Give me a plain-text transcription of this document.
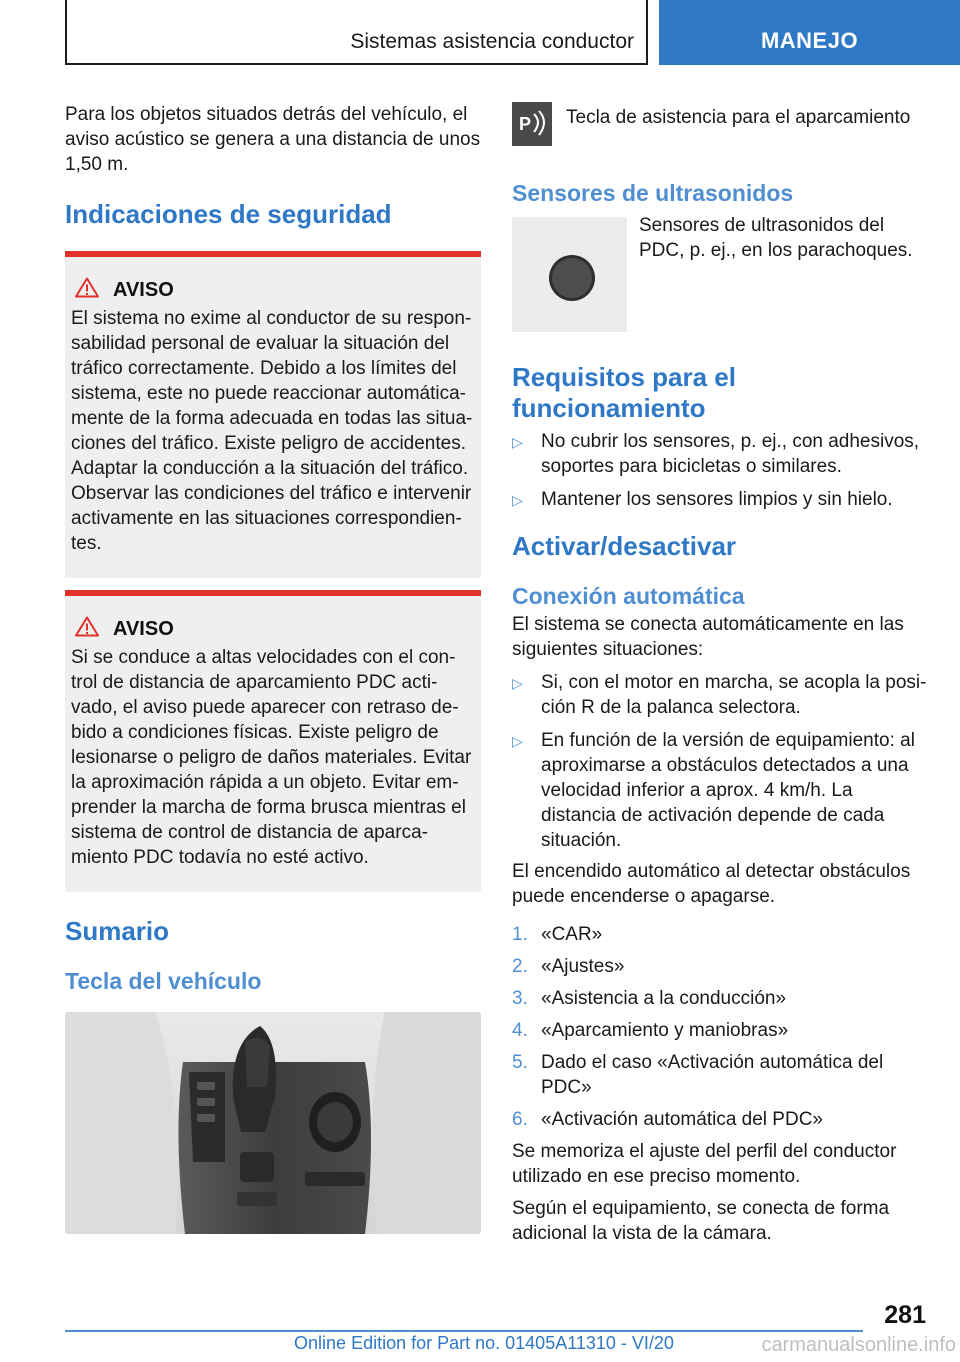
Sistemas asistencia conductor	MANEJO

Para los objetos situados detrás del vehículo, el aviso acústico se genera a una distancia de unos 1,50 m.

Indicaciones de seguridad
AVISO

El sistema no exime al conductor de su responsabilidad personal de evaluar la situación del tráfico correctamente. Debido a los límites del sistema, este no puede reaccionar automáticamente de la forma adecuada en todas las situaciones del tráfico. Existe peligro de accidentes. Adaptar la conducción a la situación del tráfico. Observar las condiciones del tráfico e intervenir activamente en las situaciones correspondientes.

AVISO

Si se conduce a altas velocidades con el control de distancia de aparcamiento PDC activado, el aviso puede aparecer con retraso debido a condiciones físicas. Existe peligro de lesionarse o peligro de daños materiales. Evitar la aproximación rápida a un objeto. Evitar emprender la marcha de forma brusca mientras el sistema de control de distancia de aparcamiento PDC todavía no esté activo.

Sumario
Tecla del vehículo
P Tecla de asistencia para el aparcamiento

Sensores de ultrasonidos

Sensores de ultrasonidos del PDC, p. ej., en los parachoques.

Requisitos para el funcionamiento
▷ No cubrir los sensores, p. ej., con adhesivos, soportes para bicicletas o similares.
▷ Mantener los sensores limpios y sin hielo.
Activar/desactivar
Conexión automática

El sistema se conecta automáticamente en las siguientes situaciones:

▷ Si, con el motor en marcha, se acopla la posición R de la palanca selectora.
▷ En función de la versión de equipamiento: al aproximarse a obstáculos detectados a una velocidad inferior a aprox. 4 km/h. La distancia de activación depende de cada situación.

El encendido automático al detectar obstáculos puede encenderse o apagarse.

1. «CAR»
2. «Ajustes»
3. «Asistencia a la conducción»
4. «Aparcamiento y maniobras»
5. Dado el caso «Activación automática del PDC»
6. «Activación automática del PDC»

Se memoriza el ajuste del perfil del conductor utilizado en ese preciso momento.

Según el equipamiento, se conecta de forma adicional la vista de la cámara.

281
Online Edition for Part no. 01405A11310 - VI/20	carmanualsonline.info
